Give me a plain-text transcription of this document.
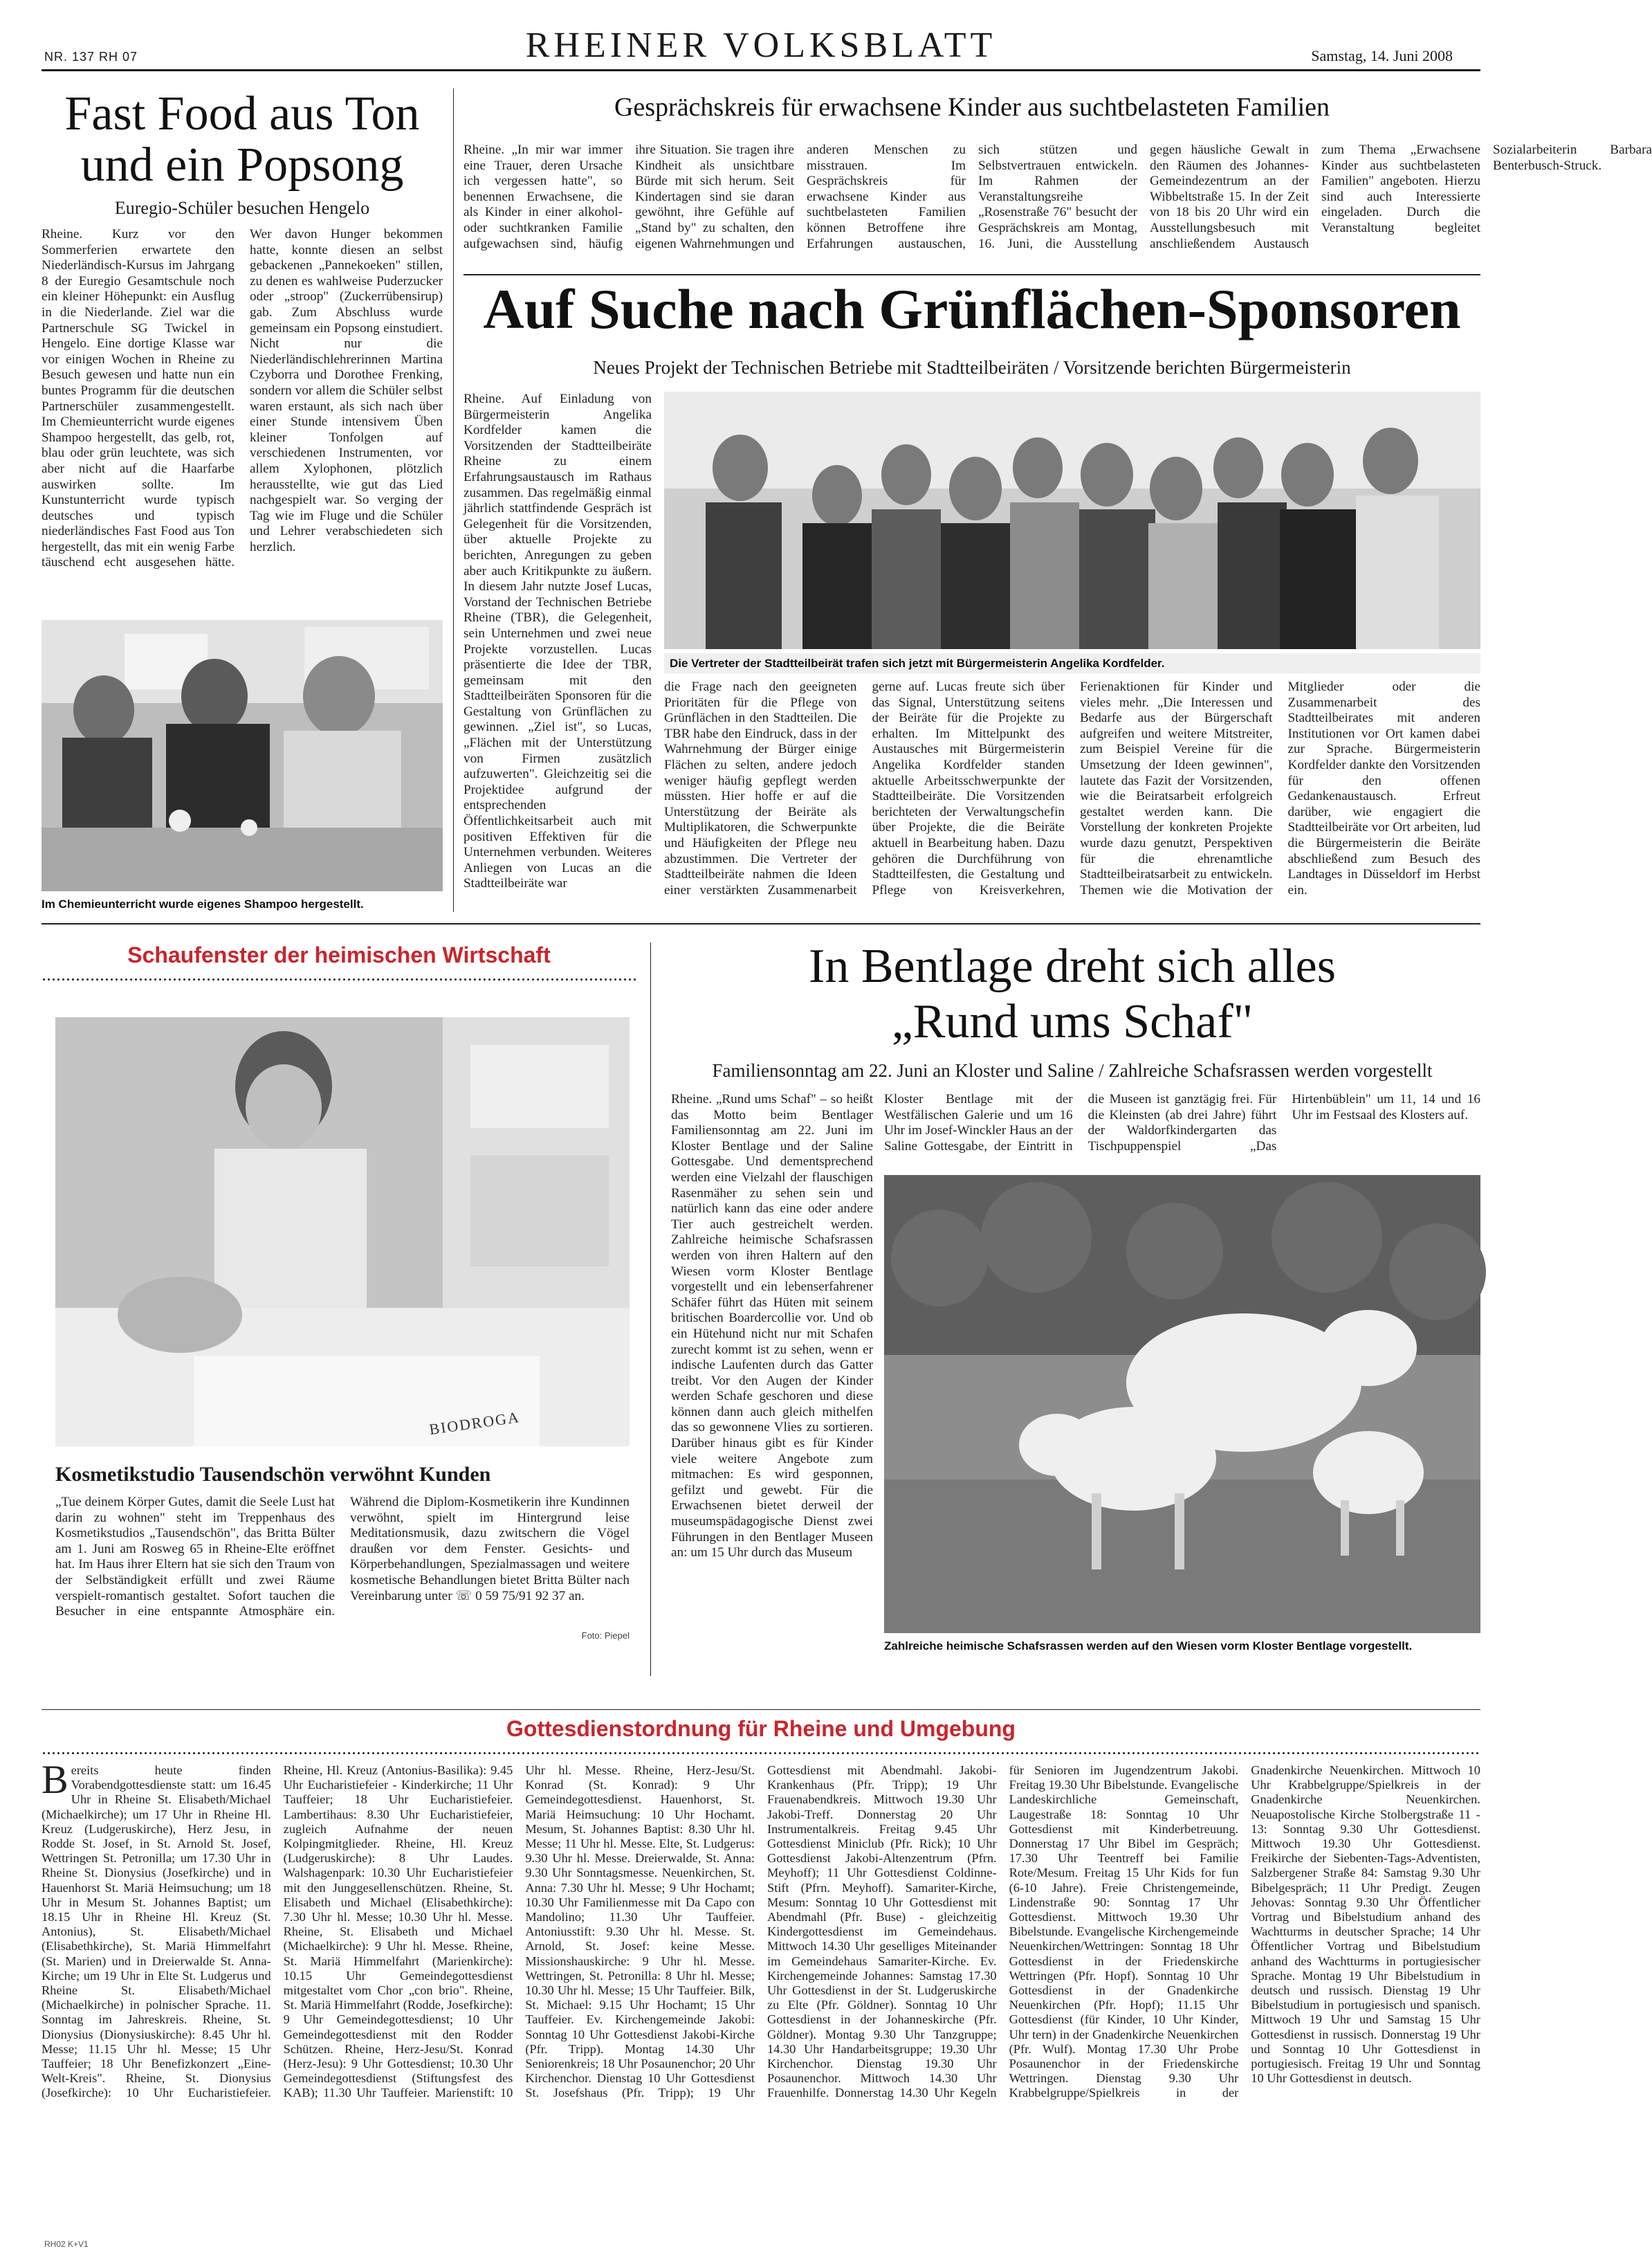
NR. 137 RH 07	RHEINER VOLKSBLATT	Samstag, 14. Juni 2008
Fast Food aus Ton
und ein Popsong
Euregio-Schüler besuchen Hengelo

Rheine. Kurz vor den Sommerferien erwartete den Niederländisch-Kursus im Jahrgang 8 der Euregio Gesamtschule noch ein kleiner Höhepunkt: ein Ausflug in die Niederlande. Ziel war die Partnerschule SG Twickel in Hengelo. Eine dortige Klasse war vor einigen Wochen in Rheine zu Besuch gewesen und hatte nun ein buntes Programm für die deutschen Partnerschüler zusammengestellt. Im Chemieunterricht wurde eigenes Shampoo hergestellt, das gelb, rot, blau oder grün leuchtete, was sich aber nicht auf die Haarfarbe auswirken sollte. Im Kunstunterricht wurde typisch deutsches und typisch niederländisches Fast Food aus Ton hergestellt, das mit ein wenig Farbe täuschend echt ausgesehen hätte. Wer davon Hunger bekommen hatte, konnte diesen an selbst gebackenen „Pannekoeken" stillen, zu denen es wahlweise Puderzucker oder „stroop" (Zuckerrübensirup) gab. Zum Abschluss wurde gemeinsam ein Popsong einstudiert. Nicht nur die Niederländischlehrerinnen Martina Czyborra und Dorothee Frenking, sondern vor allem die Schüler selbst waren erstaunt, als sich nach über einer Stunde intensivem Üben kleiner Tonfolgen auf verschiedenen Instrumenten, vor allem Xylophonen, plötzlich herausstellte, wie gut das Lied nachgespielt war. So verging der Tag wie im Fluge und die Schüler und Lehrer verabschiedeten sich herzlich.

Im Chemieunterricht wurde eigenes Shampoo hergestellt.
Gesprächskreis für erwachsene Kinder aus suchtbelasteten Familien

Rheine. „In mir war immer eine Trauer, deren Ursache ich vergessen hatte", so benennen Erwachsene, die als Kinder in einer alkohol- oder suchtkranken Familie aufgewachsen sind, häufig ihre Situation. Sie tragen ihre Kindheit als unsichtbare Bürde mit sich herum. Seit Kindertagen sind sie daran gewöhnt, ihre Gefühle auf „Stand by" zu schalten, den eigenen Wahrnehmungen und anderen Menschen zu misstrauen. Im Gesprächskreis für erwachsene Kinder aus suchtbelasteten Familien können Betroffene ihre Erfahrungen austauschen, sich stützen und Selbstvertrauen entwickeln. Im Rahmen der Veranstaltungsreihe „Rosenstraße 76" besucht der Gesprächskreis am Montag, 16. Juni, die Ausstellung gegen häusliche Gewalt in den Räumen des Johannes-Gemeindezentrum an der Wibbeltstraße 15. In der Zeit von 18 bis 20 Uhr wird ein Ausstellungsbesuch mit anschließendem Austausch zum Thema „Erwachsene Kinder aus suchtbelasteten Familien" angeboten. Hierzu sind auch Interessierte eingeladen. Durch die Veranstaltung begleitet Sozialarbeiterin Barbara Benterbusch-Struck.

Auf Suche nach Grünflächen-Sponsoren
Neues Projekt der Technischen Betriebe mit Stadtteilbeiräten / Vorsitzende berichten Bürgermeisterin

Rheine. Auf Einladung von Bürgermeisterin Angelika Kordfelder kamen die Vorsitzenden der Stadtteilbeiräte Rheine zu einem Erfahrungsaustausch im Rathaus zusammen. Das regelmäßig einmal jährlich stattfindende Gespräch ist Gelegenheit für die Vorsitzenden, über aktuelle Projekte zu berichten, Anregungen zu geben aber auch Kritikpunkte zu äußern. In diesem Jahr nutzte Josef Lucas, Vorstand der Technischen Betriebe Rheine (TBR), die Gelegenheit, sein Unternehmen und zwei neue Projekte vorzustellen. Lucas präsentierte die Idee der TBR, gemeinsam mit den Stadtteilbeiräten Sponsoren für die Gestaltung von Grünflächen zu gewinnen. „Ziel ist", so Lucas, „Flächen mit der Unterstützung von Firmen zusätzlich aufzuwerten". Gleichzeitig sei die Projektidee aufgrund der entsprechenden Öffentlichkeitsarbeit auch mit positiven Effektiven für die Unternehmen verbunden. Weiteres Anliegen von Lucas an die Stadtteilbeiräte war

Die Vertreter der Stadtteilbeirät trafen sich jetzt mit Bürgermeisterin Angelika Kordfelder.

die Frage nach den geeigneten Prioritäten für die Pflege von Grünflächen in den Stadtteilen. Die TBR habe den Eindruck, dass in der Wahrnehmung der Bürger einige Flächen zu selten, andere jedoch weniger häufig gepflegt werden müssten. Hier hoffe er auf die Unterstützung der Beiräte als Multiplikatoren, die Schwerpunkte und Häufigkeiten der Pflege neu abzustimmen. Die Vertreter der Stadtteilbeiräte nahmen die Ideen einer verstärkten Zusammenarbeit gerne auf. Lucas freute sich über das Signal, Unterstützung seitens der Beiräte für die Projekte zu erhalten. Im Mittelpunkt des Austausches mit Bürgermeisterin Angelika Kordfelder standen aktuelle Arbeitsschwerpunkte der Stadtteilbeiräte. Die Vorsitzenden berichteten der Verwaltungschefin über Projekte, die die Beiräte aktuell in Bearbeitung haben. Dazu gehören die Durchführung von Stadtteilfesten, die Gestaltung und Pflege von Kreisverkehren, Ferienaktionen für Kinder und vieles mehr. „Die Interessen und Bedarfe aus der Bürgerschaft aufgreifen und weitere Mitstreiter, zum Beispiel Vereine für die Umsetzung der Ideen gewinnen", lautete das Fazit der Vorsitzenden, wie die Beiratsarbeit erfolgreich gestaltet werden kann. Die Vorstellung der konkreten Projekte wurde dazu genutzt, Perspektiven für die ehrenamtliche Stadtteilbeiratsarbeit zu entwickeln. Themen wie die Motivation der Mitglieder oder die Zusammenarbeit des Stadtteilbeirates mit anderen Institutionen vor Ort kamen dabei zur Sprache. Bürgermeisterin Kordfelder dankte den Vorsitzenden für den offenen Gedankenaustausch. Erfreut darüber, wie engagiert die Stadtteilbeiräte vor Ort arbeiten, lud die Bürgermeisterin die Beiräte abschließend zum Besuch des Landtages in Düsseldorf im Herbst ein.

Schaufenster der heimischen Wirtschaft
BIODROGA
Kosmetikstudio Tausendschön verwöhnt Kunden

„Tue deinem Körper Gutes, damit die Seele Lust hat darin zu wohnen" steht im Treppenhaus des Kosmetikstudios „Tausendschön", das Britta Bülter am 1. Juni am Rosweg 65 in Rheine-Elte eröffnet hat. Im Haus ihrer Eltern hat sie sich den Traum von der Selbständigkeit erfüllt und zwei Räume verspielt-romantisch gestaltet. Sofort tauchen die Besucher in eine entspannte Atmosphäre ein. Während die Diplom-Kosmetikerin ihre Kundinnen verwöhnt, spielt im Hintergrund leise Meditationsmusik, dazu zwitschern die Vögel draußen vor dem Fenster. Gesichts- und Körperbehandlungen, Spezialmassagen und weitere kosmetische Behandlungen bietet Britta Bülter nach Vereinbarung unter ☏ 0 59 75/91 92 37 an.

Foto: Piepel
In Bentlage dreht sich alles
„Rund ums Schaf"
Familiensonntag am 22. Juni an Kloster und Saline / Zahlreiche Schafsrassen werden vorgestellt

Rheine. „Rund ums Schaf" – so heißt das Motto beim Bentlager Familiensonntag am 22. Juni im Kloster Bentlage und der Saline Gottesgabe. Und dementsprechend werden eine Vielzahl der flauschigen Rasenmäher zu sehen sein und natürlich kann das eine oder andere Tier auch gestreichelt werden. Zahlreiche heimische Schafsrassen werden von ihren Haltern auf den Wiesen vorm Kloster Bentlage vorgestellt und ein lebenserfahrener Schäfer führt das Hüten mit seinem britischen Boardercollie vor. Und ob ein Hütehund nicht nur mit Schafen zurecht kommt ist zu sehen, wenn er indische Laufenten durch das Gatter treibt. Vor den Augen der Kinder werden Schafe geschoren und diese können dann auch gleich mithelfen das so gewonnene Vlies zu sortieren. Darüber hinaus gibt es für Kinder viele weitere Angebote zum mitmachen: Es wird gesponnen, gefilzt und gewebt. Für die Erwachsenen bietet derweil der museumspädagogische Dienst zwei Führungen in den Bentlager Museen an: um 15 Uhr durch das Museum

Kloster Bentlage mit der Westfälischen Galerie und um 16 Uhr im Josef-Winckler Haus an der Saline Gottesgabe, der Eintritt in die Museen ist ganztägig frei. Für die Kleinsten (ab drei Jahre) führt der Waldorfkindergarten das Tischpuppenspiel „Das Hirtenbüblein" um 11, 14 und 16 Uhr im Festsaal des Klosters auf.

Zahlreiche heimische Schafsrassen werden auf den Wiesen vorm Kloster Bentlage vorgestellt.
Gottesdienstordnung für Rheine und Umgebung
B ereits heute finden Vorabendgottesdienste statt: um 16.45 Uhr in Rheine St. Elisabeth/Michael (Michaelkirche); um 17 Uhr in Rheine Hl. Kreuz (Ludgeruskirche), Herz Jesu, in Rodde St. Josef, in St. Arnold St. Josef, Wettringen St. Petronilla; um 17.30 Uhr in Rheine St. Dionysius (Josefkirche) und in Hauenhorst St. Mariä Heimsuchung; um 18 Uhr in Mesum St. Johannes Baptist; um 18.15 Uhr in Rheine Hl. Kreuz (St. Antonius), St. Elisabeth/Michael (Elisabethkirche), St. Mariä Himmelfahrt (St. Marien) und in Dreierwalde St. Anna-Kirche; um 19 Uhr in Elte St. Ludgerus und Rheine St. Elisabeth/Michael (Michaelkirche) in polnischer Sprache. 11. Sonntag im Jahreskreis. Rheine, St. Dionysius (Dionysiuskirche): 8.45 Uhr hl. Messe; 11.15 Uhr hl. Messe; 15 Uhr Tauffeier; 18 Uhr Benefizkonzert „Eine-Welt-Kreis". Rheine, St. Dionysius (Josefkirche): 10 Uhr Eucharistiefeier. Rheine, Hl. Kreuz (Antonius-Basilika): 9.45 Uhr Eucharistiefeier - Kinderkirche; 11 Uhr Tauffeier; 18 Uhr Eucharistiefeier. Lambertihaus: 8.30 Uhr Eucharistiefeier, zugleich Aufnahme der neuen Kolpingmitglieder. Rheine, Hl. Kreuz (Ludgeruskirche): 8 Uhr Laudes. Walshagenpark: 10.30 Uhr Eucharistiefeier mit den Junggesellenschützen. Rheine, St. Elisabeth und Michael (Elisabethkirche): 7.30 Uhr hl. Messe; 10.30 Uhr hl. Messe. Rheine, St. Elisabeth und Michael (Michaelkirche): 9 Uhr hl. Messe. Rheine, St. Mariä Himmelfahrt (Marienkirche): 10.15 Uhr Gemeindegottesdienst mitgestaltet vom Chor „con brio". Rheine, St. Mariä Himmelfahrt (Rodde, Josefkirche): 9 Uhr Gemeindegottesdienst; 10 Uhr Gemeindegottesdienst mit den Rodder Schützen. Rheine, Herz-Jesu/St. Konrad (Herz-Jesu): 9 Uhr Gottesdienst; 10.30 Uhr Gemeindegottesdienst (Stiftungsfest des KAB); 11.30 Uhr Tauffeier. Marienstift: 10 Uhr hl. Messe. Rheine, Herz-Jesu/St. Konrad (St. Konrad): 9 Uhr Gemeindegottesdienst. Hauenhorst, St. Mariä Heimsuchung: 10 Uhr Hochamt. Mesum, St. Johannes Baptist: 8.30 Uhr hl. Messe; 11 Uhr hl. Messe. Elte, St. Ludgerus: 9.30 Uhr hl. Messe. Dreierwalde, St. Anna: 9.30 Uhr Sonntagsmesse. Neuenkirchen, St. Anna: 7.30 Uhr hl. Messe; 9 Uhr Hochamt; 10.30 Uhr Familienmesse mit Da Capo con Mandolino; 11.30 Uhr Tauffeier. Antoniusstift: 9.30 Uhr hl. Messe. St. Arnold, St. Josef: keine Messe. Missionshauskirche: 9 Uhr hl. Messe. Wettringen, St. Petronilla: 8 Uhr hl. Messe; 10.30 Uhr hl. Messe; 15 Uhr Tauffeier. Bilk, St. Michael: 9.15 Uhr Hochamt; 15 Uhr Tauffeier. Ev. Kirchengemeinde Jakobi: Sonntag 10 Uhr Gottesdienst Jakobi-Kirche (Pfr. Tripp). Montag 14.30 Uhr Seniorenkreis; 18 Uhr Posaunenchor; 20 Uhr Kirchenchor. Dienstag 10 Uhr Gottesdienst St. Josefshaus (Pfr. Tripp); 19 Uhr Gottesdienst mit Abendmahl. Jakobi-Krankenhaus (Pfr. Tripp); 19 Uhr Frauenabendkreis. Mittwoch 19.30 Uhr Jakobi-Treff. Donnerstag 20 Uhr Instrumentalkreis. Freitag 9.45 Uhr Gottesdienst Miniclub (Pfr. Rick); 10 Uhr Gottesdienst Jakobi-Altenzentrum (Pfrn. Meyhoff); 11 Uhr Gottesdienst Coldinne-Stift (Pfrn. Meyhoff). Samariter-Kirche, Mesum: Sonntag 10 Uhr Gottesdienst mit Abendmahl (Pfr. Buse) - gleichzeitig Kindergottesdienst im Gemeindehaus. Mittwoch 14.30 Uhr geselliges Miteinander im Gemeindehaus Samariter-Kirche. Ev. Kirchengemeinde Johannes: Samstag 17.30 Uhr Gottesdienst in der St. Ludgeruskirche zu Elte (Pfr. Göldner). Sonntag 10 Uhr Gottesdienst in der Johanneskirche (Pfr. Göldner). Montag 9.30 Uhr Tanzgruppe; 14.30 Uhr Handarbeitsgruppe; 19.30 Uhr Kirchenchor. Dienstag 19.30 Uhr Posaunenchor. Mittwoch 14.30 Uhr Frauenhilfe. Donnerstag 14.30 Uhr Kegeln für Senioren im Jugendzentrum Jakobi. Freitag 19.30 Uhr Bibelstunde. Evangelische Landeskirchliche Gemeinschaft, Laugestraße 18: Sonntag 10 Uhr Gottesdienst mit Kinderbetreuung. Donnerstag 17 Uhr Bibel im Gespräch; 17.30 Uhr Teentreff bei Familie Rote/Mesum. Freitag 15 Uhr Kids for fun (6-10 Jahre). Freie Christengemeinde, Lindenstraße 90: Sonntag 17 Uhr Gottesdienst. Mittwoch 19.30 Uhr Bibelstunde. Evangelische Kirchengemeinde Neuenkirchen/Wettringen: Sonntag 18 Uhr Gottesdienst in der Friedenskirche Wettringen (Pfr. Hopf). Sonntag 10 Uhr Gottesdienst in der Gnadenkirche Neuenkirchen (Pfr. Hopf); 11.15 Uhr Gottesdienst (für Kinder, 10 Uhr Kinder, Uhr tern) in der Gnadenkirche Neuenkirchen (Pfr. Wulf). Montag 17.30 Uhr Probe Posaunenchor in der Friedenskirche Wettringen. Dienstag 9.30 Uhr Krabbelgruppe/Spielkreis in der Gnadenkirche Neuenkirchen. Mittwoch 10 Uhr Krabbelgruppe/Spielkreis in der Gnadenkirche Neuenkirchen. Neuapostolische Kirche Stolbergstraße 11 - 13: Sonntag 9.30 Uhr Gottesdienst. Mittwoch 19.30 Uhr Gottesdienst. Freikirche der Siebenten-Tags-Adventisten, Salzbergener Straße 84: Samstag 9.30 Uhr Bibelgespräch; 11 Uhr Predigt. Zeugen Jehovas: Sonntag 9.30 Uhr Öffentlicher Vortrag und Bibelstudium anhand des Wachtturms in deutscher Sprache; 14 Uhr Öffentlicher Vortrag und Bibelstudium anhand des Wachtturms in portugiesischer Sprache. Montag 19 Uhr Bibelstudium in deutsch und russisch. Dienstag 19 Uhr Bibelstudium in portugiesisch und spanisch. Mittwoch 19 Uhr und Samstag 15 Uhr Gottesdienst in russisch. Donnerstag 19 Uhr und Sonntag 10 Uhr Gottesdienst in portugiesisch. Freitag 19 Uhr und Sonntag 10 Uhr Gottesdienst in deutsch.
RH02 K+V1
